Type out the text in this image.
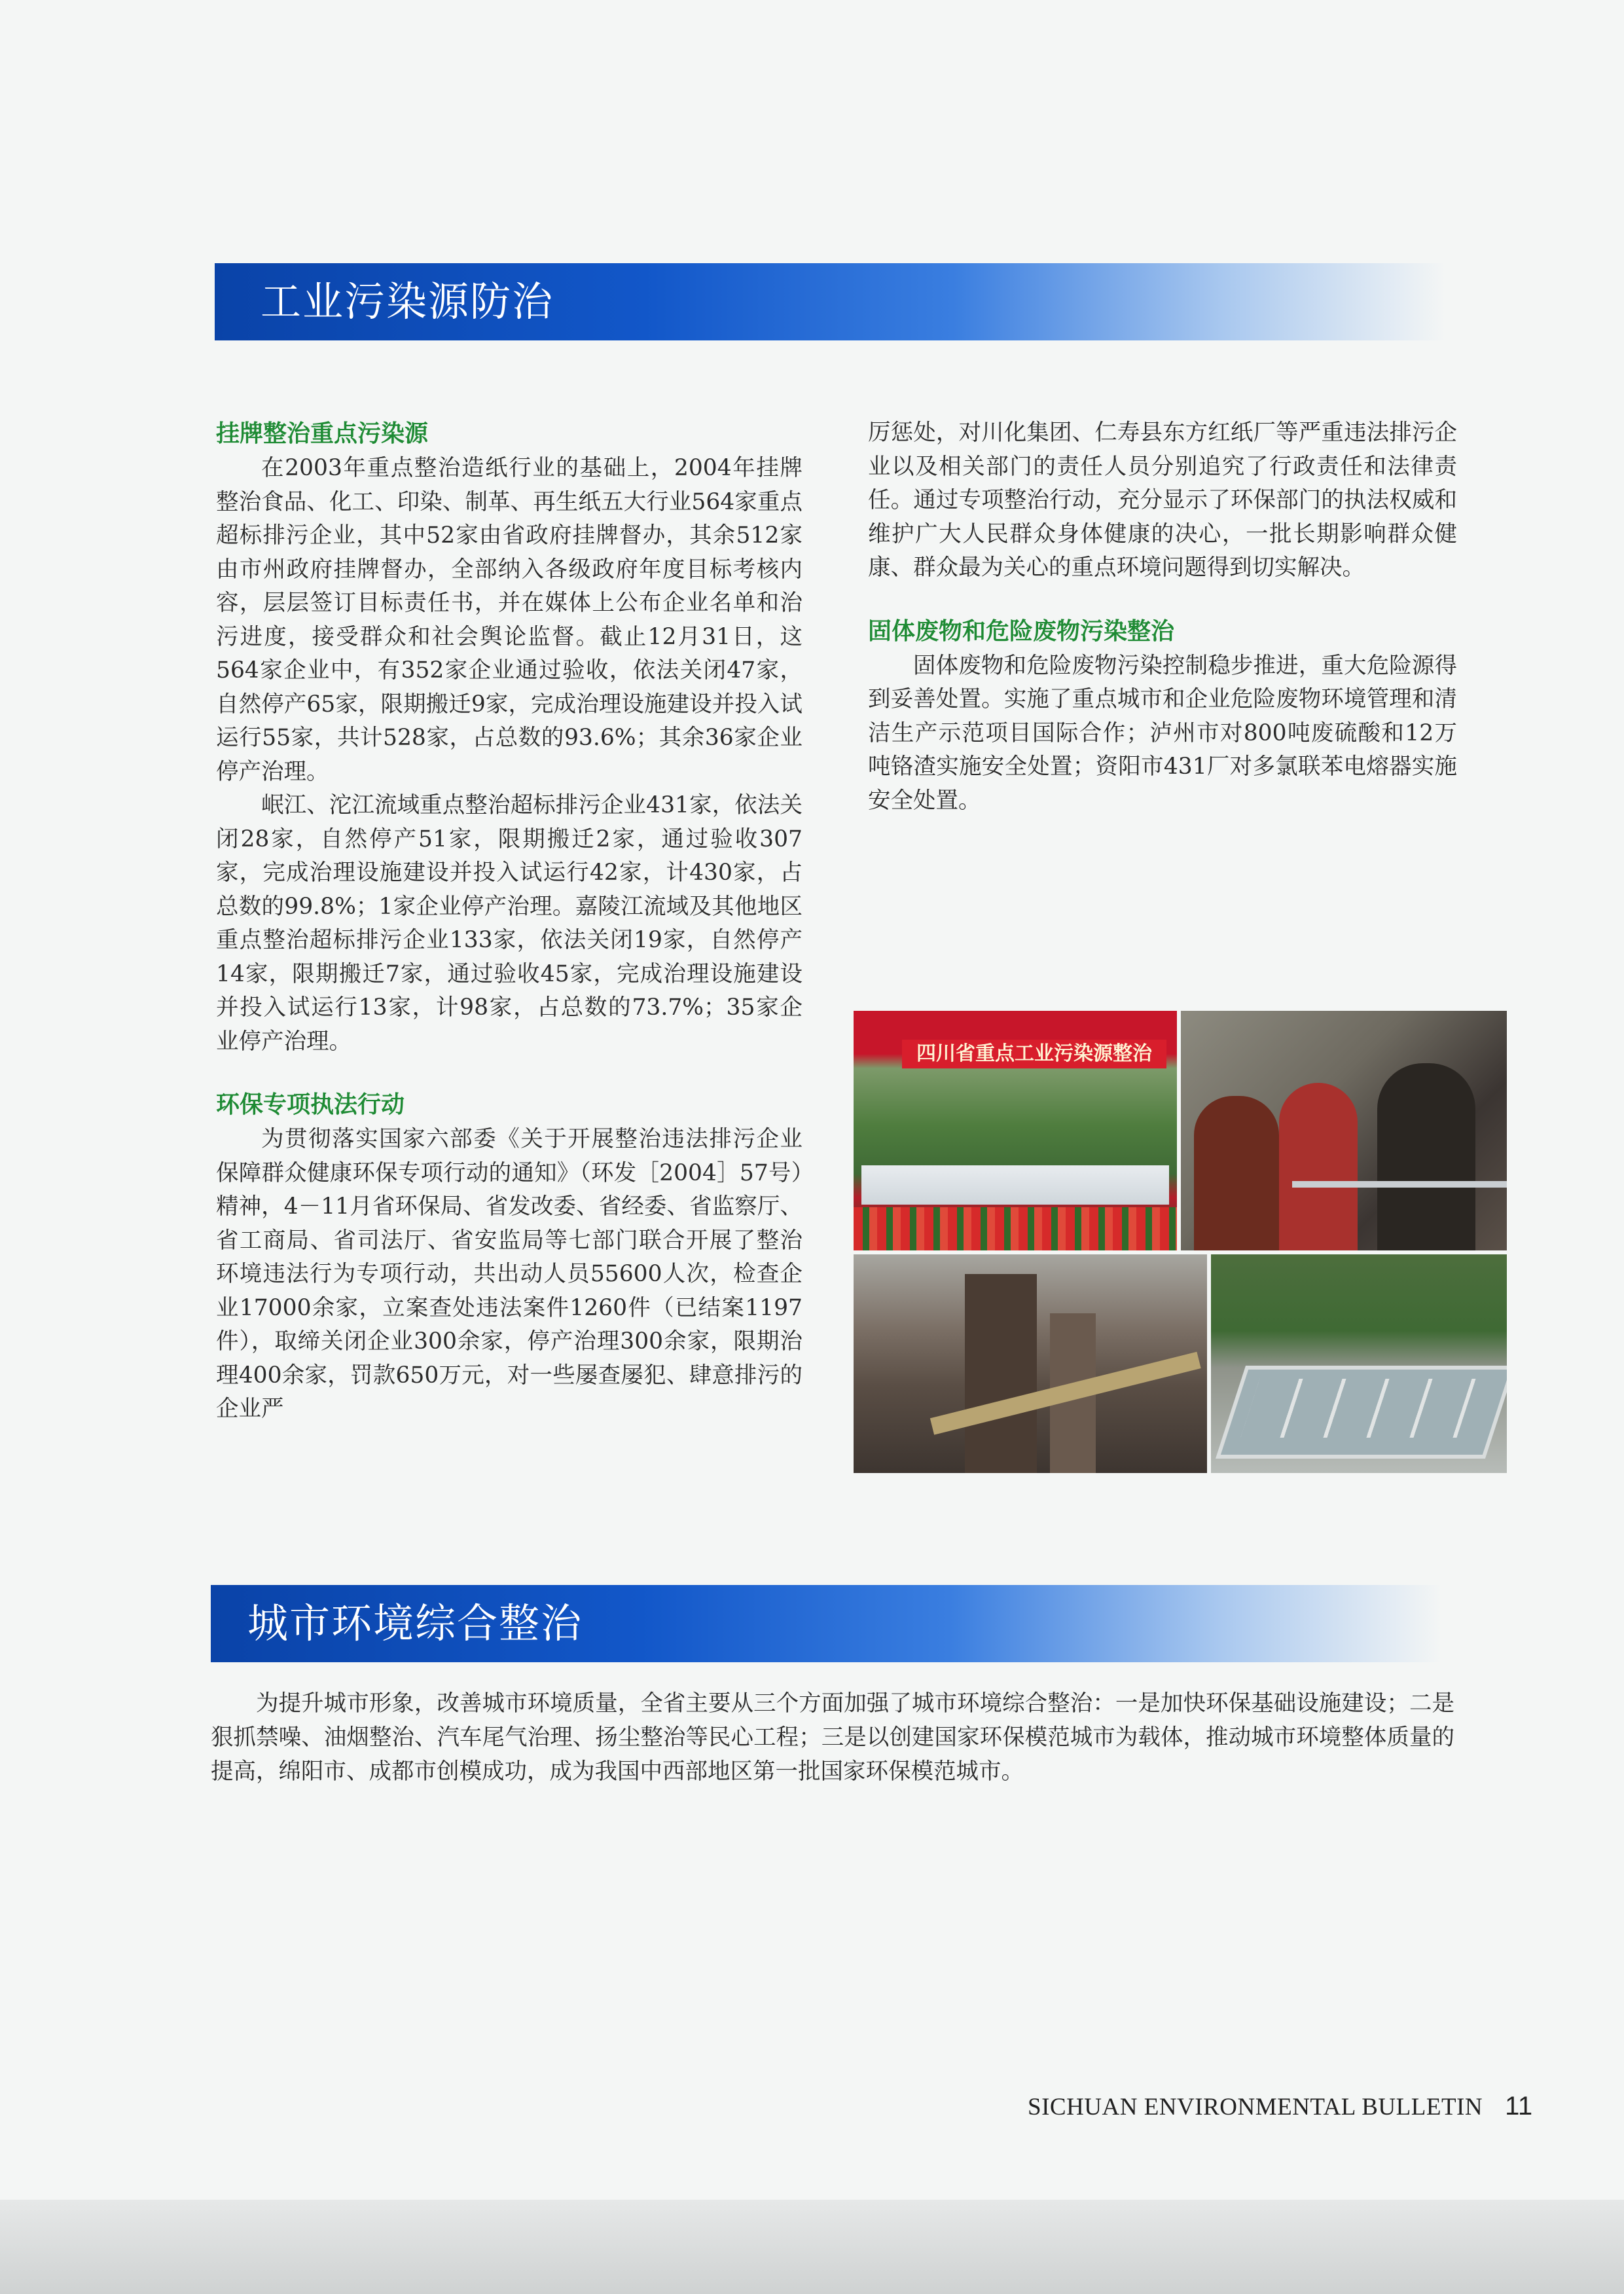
工业污染源防治
挂牌整治重点污染源

在2003年重点整治造纸行业的基础上，2004年挂牌整治食品、化工、印染、制革、再生纸五大行业564家重点超标排污企业，其中52家由省政府挂牌督办，其余512家由市州政府挂牌督办，全部纳入各级政府年度目标考核内容，层层签订目标责任书，并在媒体上公布企业名单和治污进度，接受群众和社会舆论监督。截止12月31日，这564家企业中，有352家企业通过验收，依法关闭47家，自然停产65家，限期搬迁9家，完成治理设施建设并投入试运行55家，共计528家，占总数的93.6%；其余36家企业停产治理。

岷江、沱江流域重点整治超标排污企业431家，依法关闭28家，自然停产51家，限期搬迁2家，通过验收307家，完成治理设施建设并投入试运行42家，计430家，占总数的99.8%；1家企业停产治理。嘉陵江流域及其他地区重点整治超标排污企业133家，依法关闭19家，自然停产14家，限期搬迁7家，通过验收45家，完成治理设施建设并投入试运行13家，计98家，占总数的73.7%；35家企业停产治理。

环保专项执法行动

为贯彻落实国家六部委《关于开展整治违法排污企业保障群众健康环保专项行动的通知》（环发［2004］57号）精神，4－11月省环保局、省发改委、省经委、省监察厅、省工商局、省司法厅、省安监局等七部门联合开展了整治环境违法行为专项行动，共出动人员55600人次，检查企业17000余家，立案查处违法案件1260件（已结案1197件），取缔关闭企业300余家，停产治理300余家，限期治理400余家，罚款650万元，对一些屡查屡犯、肆意排污的企业严

厉惩处，对川化集团、仁寿县东方红纸厂等严重违法排污企业以及相关部门的责任人员分别追究了行政责任和法律责任。通过专项整治行动，充分显示了环保部门的执法权威和维护广大人民群众身体健康的决心，一批长期影响群众健康、群众最为关心的重点环境问题得到切实解决。

固体废物和危险废物污染整治

固体废物和危险废物污染控制稳步推进，重大危险源得到妥善处置。实施了重点城市和企业危险废物环境管理和清洁生产示范项目国际合作；泸州市对800吨废硫酸和12万吨铬渣实施安全处置；资阳市431厂对多氯联苯电熔器实施安全处置。

四川省重点工业污染源整治
城市环境综合整治

为提升城市形象，改善城市环境质量，全省主要从三个方面加强了城市环境综合整治：一是加快环保基础设施建设；二是狠抓禁噪、油烟整治、汽车尾气治理、扬尘整治等民心工程；三是以创建国家环保模范城市为载体，推动城市环境整体质量的提高，绵阳市、成都市创模成功，成为我国中西部地区第一批国家环保模范城市。

SICHUAN ENVIRONMENTAL BULLETIN 11
